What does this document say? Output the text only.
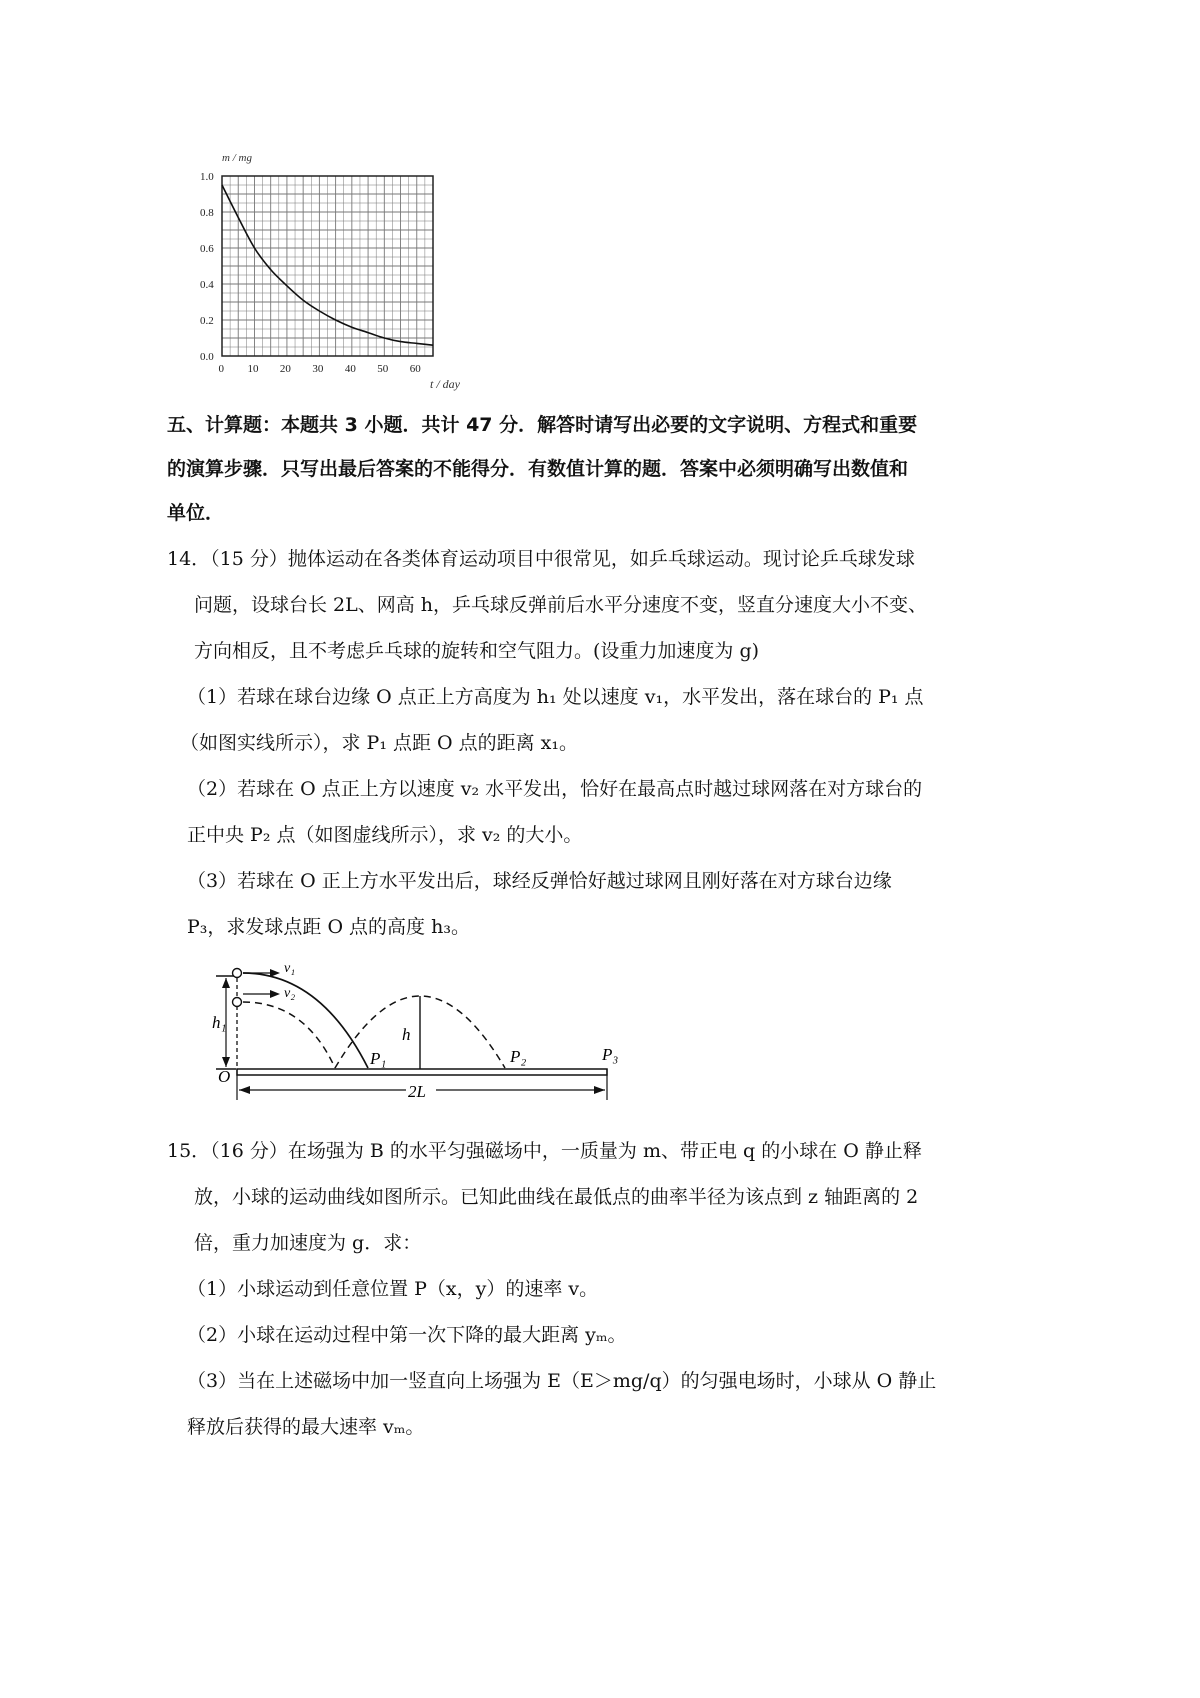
m / mg
1.0
0.8
0.6
0.4
0.2
0.0
0 10 20 30 40 50 60
t / day
五、计算题：本题共 3 小题．共计 47 分．解答时请写出必要的文字说明、方程式和重要
的演算步骤．只写出最后答案的不能得分．有数值计算的题．答案中必须明确写出数值和
单位．
14．（15 分）抛体运动在各类体育运动项目中很常见，如乒乓球运动。现讨论乒乓球发球
问题，设球台长 2L、网高 h，乒乓球反弹前后水平分速度不变，竖直分速度大小不变、
方向相反，且不考虑乒乓球的旋转和空气阻力。(设重力加速度为 g)
（1）若球在球台边缘 O 点正上方高度为 h₁ 处以速度 v₁，水平发出，落在球台的 P₁ 点
（如图实线所示），求 P₁ 点距 O 点的距离 x₁。
（2）若球在 O 点正上方以速度 v₂ 水平发出，恰好在最高点时越过球网落在对方球台的
正中央 P₂ 点（如图虚线所示），求 v₂ 的大小。
（3）若球在 O 正上方水平发出后，球经反弹恰好越过球网且刚好落在对方球台边缘
P₃，求发球点距 O 点的高度 h₃。
h₁
v₁
v₂
h
P₁	P₂	P₃
O
2L
15．（16 分）在场强为 B 的水平匀强磁场中，一质量为 m、带正电 q 的小球在 O 静止释
放，小球的运动曲线如图所示。已知此曲线在最低点的曲率半径为该点到 z 轴距离的 2
倍，重力加速度为 g．求：
（1）小球运动到任意位置 P（x，y）的速率 v。
（2）小球在运动过程中第一次下降的最大距离 yₘ。
（3）当在上述磁场中加一竖直向上场强为 E（E＞mg/q）的匀强电场时，小球从 O 静止
释放后获得的最大速率 vₘ。
